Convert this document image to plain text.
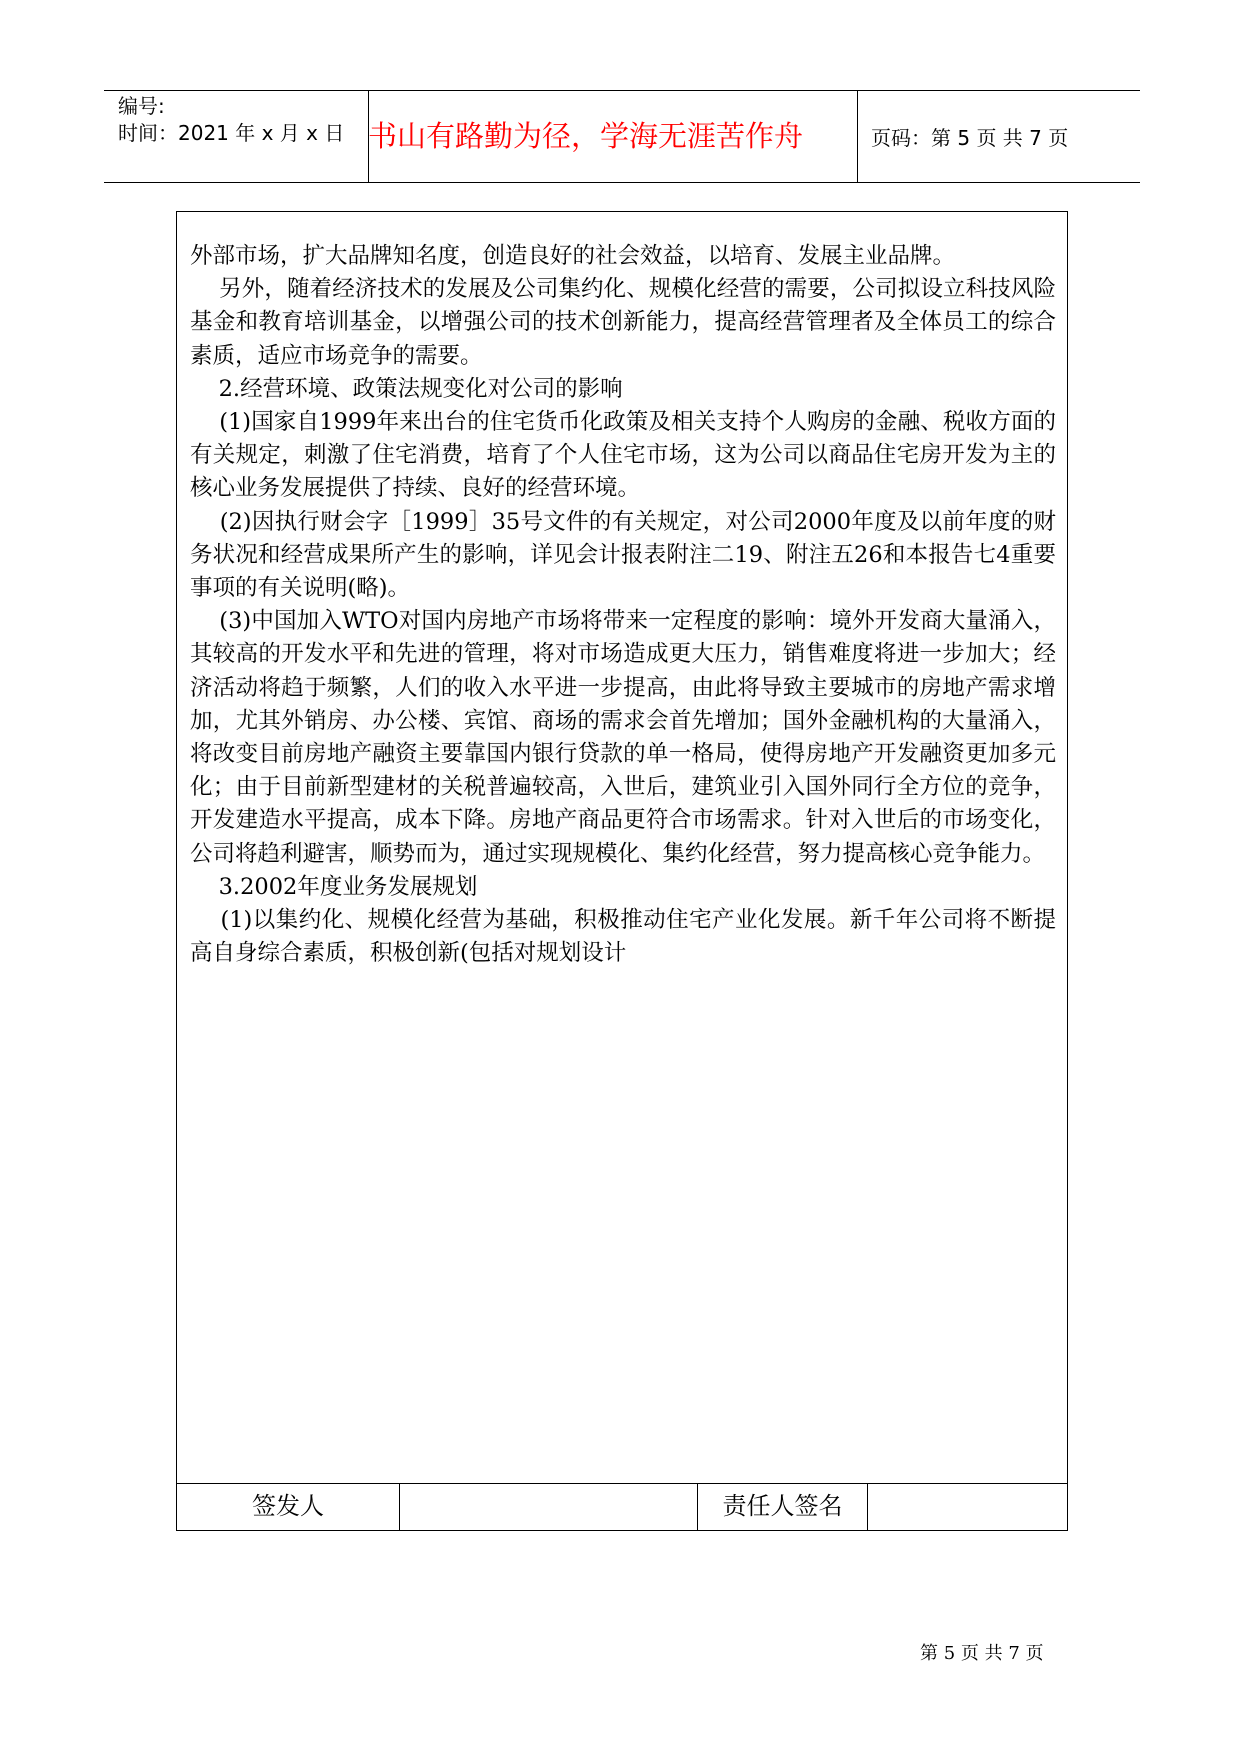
编号:
时间：2021 年 x 月 x 日 书山有路勤为径，学海无涯苦作舟	页码：第 5 页 共 7 页

外部市场，扩大品牌知名度，创造良好的社会效益，以培育、发展主业品牌。

另外，随着经济技术的发展及公司集约化、规模化经营的需要，公司拟设立科技风险基金和教育培训基金，以增强公司的技术创新能力，提高经营管理者及全体员工的综合素质，适应市场竞争的需要。

2.经营环境、政策法规变化对公司的影响

(1)国家自1999年来出台的住宅货币化政策及相关支持个人购房的金融、税收方面的有关规定，刺激了住宅消费，培育了个人住宅市场，这为公司以商品住宅房开发为主的核心业务发展提供了持续、良好的经营环境。

(2)因执行财会字［1999］35号文件的有关规定，对公司2000年度及以前年度的财务状况和经营成果所产生的影响，详见会计报表附注二19、附注五26和本报告七4重要事项的有关说明(略)。

(3)中国加入WTO对国内房地产市场将带来一定程度的影响：境外开发商大量涌入，其较高的开发水平和先进的管理，将对市场造成更大压力，销售难度将进一步加大；经济活动将趋于频繁，人们的收入水平进一步提高，由此将导致主要城市的房地产需求增加，尤其外销房、办公楼、宾馆、商场的需求会首先增加；国外金融机构的大量涌入，将改变目前房地产融资主要靠国内银行贷款的单一格局，使得房地产开发融资更加多元化；由于目前新型建材的关税普遍较高，入世后，建筑业引入国外同行全方位的竞争，开发建造水平提高，成本下降。房地产商品更符合市场需求。针对入世后的市场变化，公司将趋利避害，顺势而为，通过实现规模化、集约化经营，努力提高核心竞争能力。

3.2002年度业务发展规划

(1)以集约化、规模化经营为基础，积极推动住宅产业化发展。新千年公司将不断提高自身综合素质，积极创新(包括对规划设计

签发人	责任人签名
第 5 页 共 7 页
